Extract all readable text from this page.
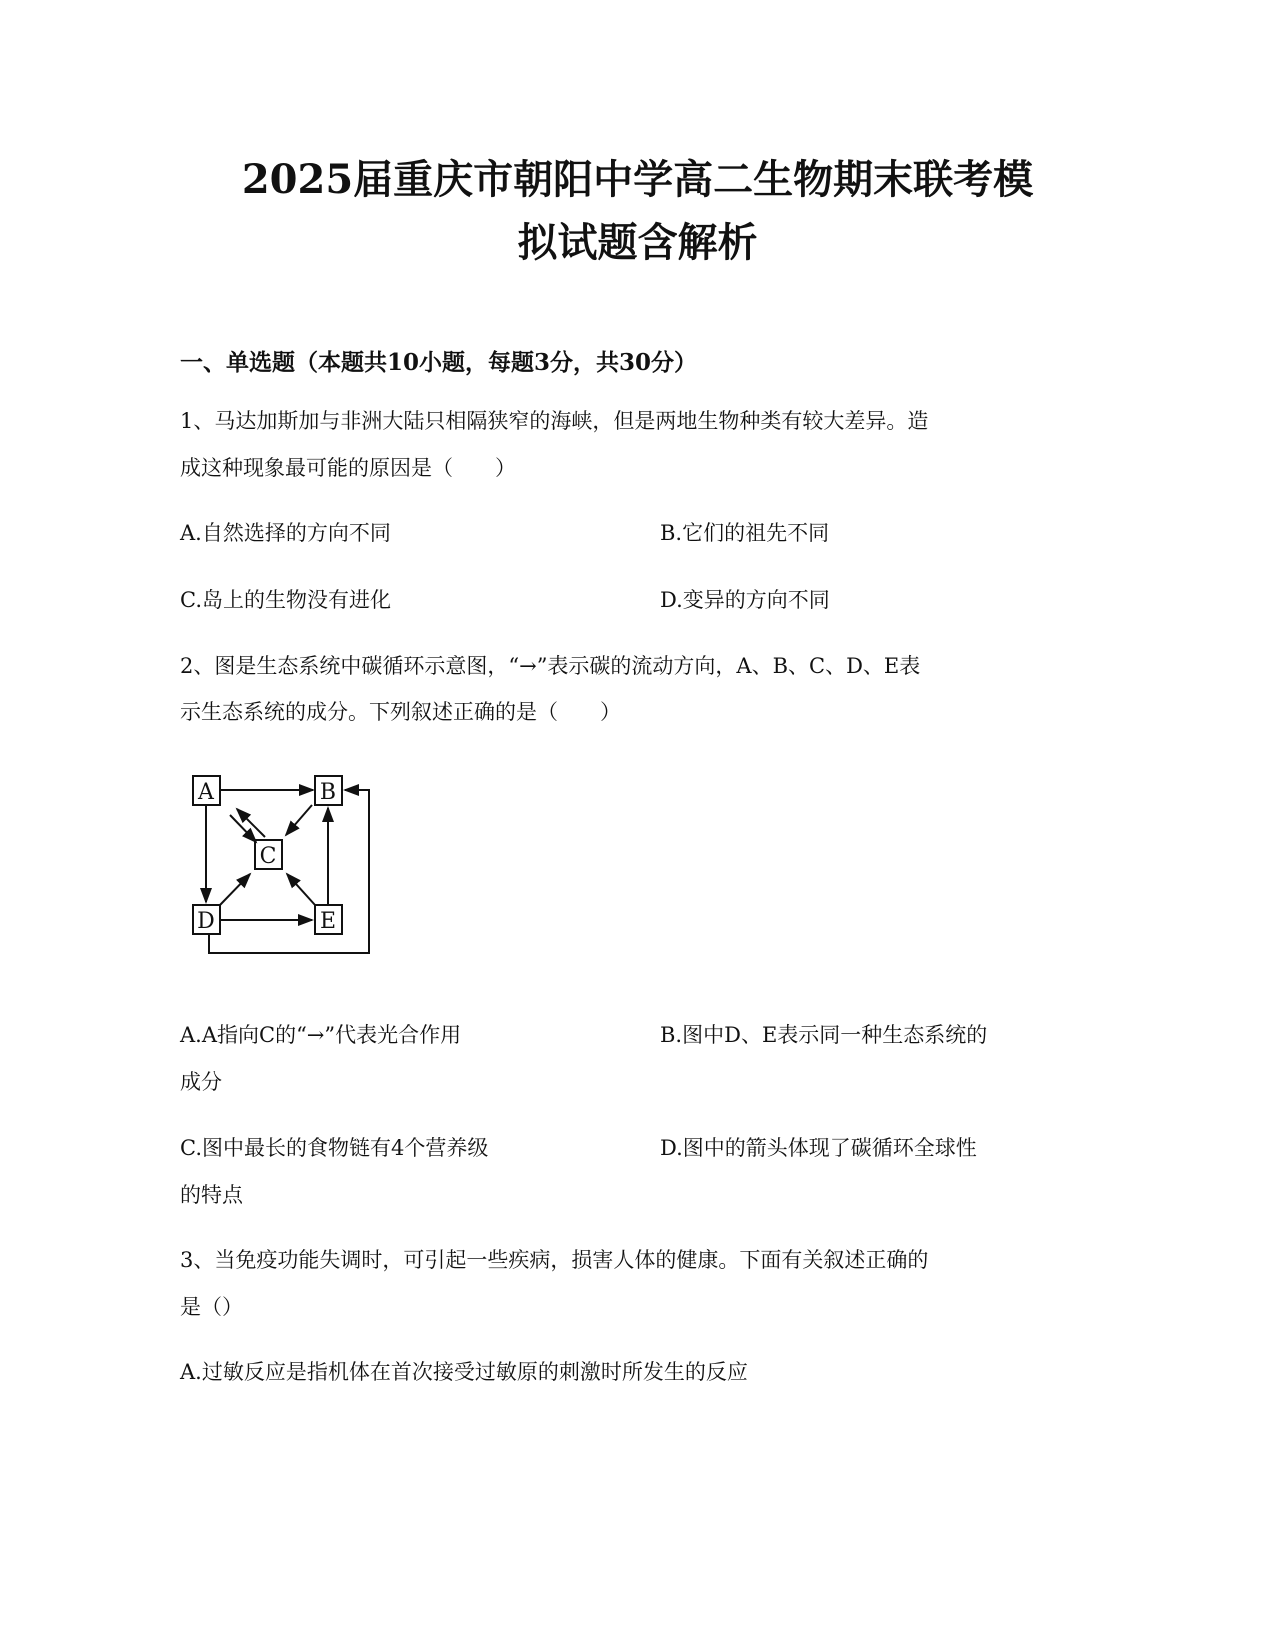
2025届重庆市朝阳中学高二生物期末联考模
拟试题含解析
一、单选题（本题共10小题，每题3分，共30分）
1、马达加斯加与非洲大陆只相隔狭窄的海峡，但是两地生物种类有较大差异。造
成这种现象最可能的原因是（　　）
A.自然选择的方向不同	B.它们的祖先不同
C.岛上的生物没有进化	D.变异的方向不同
2、图是生态系统中碳循环示意图，“→”表示碳的流动方向，A、B、C、D、E表
示生态系统的成分。下列叙述正确的是（　　）
A	B
C
D	E
A.A指向C的“→”代表光合作用	B.图中D、E表示同一种生态系统的
成分
C.图中最长的食物链有4个营养级	D.图中的箭头体现了碳循环全球性
的特点
3、当免疫功能失调时，可引起一些疾病，损害人体的健康。下面有关叙述正确的
是（）
A.过敏反应是指机体在首次接受过敏原的刺激时所发生的反应
